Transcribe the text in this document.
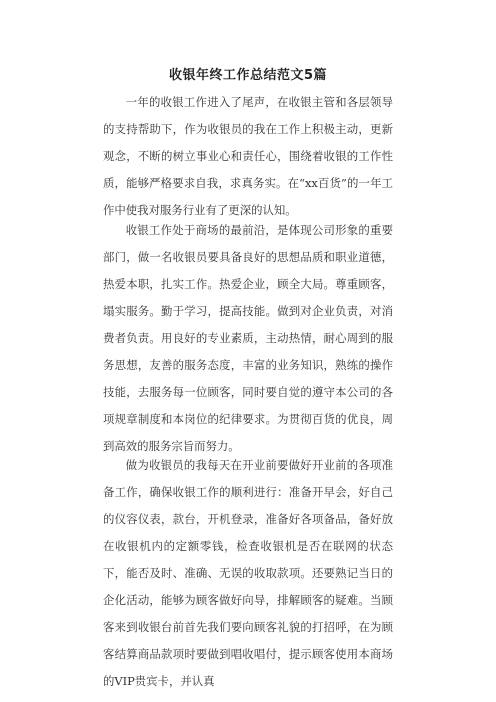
收银年终工作总结范文5篇

一年的收银工作进入了尾声，在收银主管和各层领导的支持帮助下，作为收银员的我在工作上积极主动，更新观念，不断的树立事业心和责任心，围绕着收银的工作性质，能够严格要求自我，求真务实。在“xx百货”的一年工作中使我对服务行业有了更深的认知。

收银工作处于商场的最前沿，是体现公司形象的重要部门，做一名收银员要具备良好的思想品质和职业道德，热爱本职，扎实工作。热爱企业，顾全大局。尊重顾客，塌实服务。勤于学习，提高技能。做到对企业负责，对消费者负责。用良好的专业素质，主动热情，耐心周到的服务思想，友善的服务态度，丰富的业务知识，熟练的操作技能，去服务每一位顾客，同时要自觉的遵守本公司的各项规章制度和本岗位的纪律要求。为贯彻百货的优良，周到高效的服务宗旨而努力。

做为收银员的我每天在开业前要做好开业前的各项准备工作，确保收银工作的顺利进行：准备开早会，好自己的仪容仪表，款台，开机登录，准备好各项备品，备好放在收银机内的定额零钱，检查收银机是否在联网的状态下，能否及时、准确、无误的收取款项。还要熟记当日的企化活动，能够为顾客做好向导，排解顾客的疑难。当顾客来到收银台前首先我们要向顾客礼貌的打招呼，在为顾客结算商品款项时要做到唱收唱付，提示顾客使用本商场的VIP贵宾卡，并认真
